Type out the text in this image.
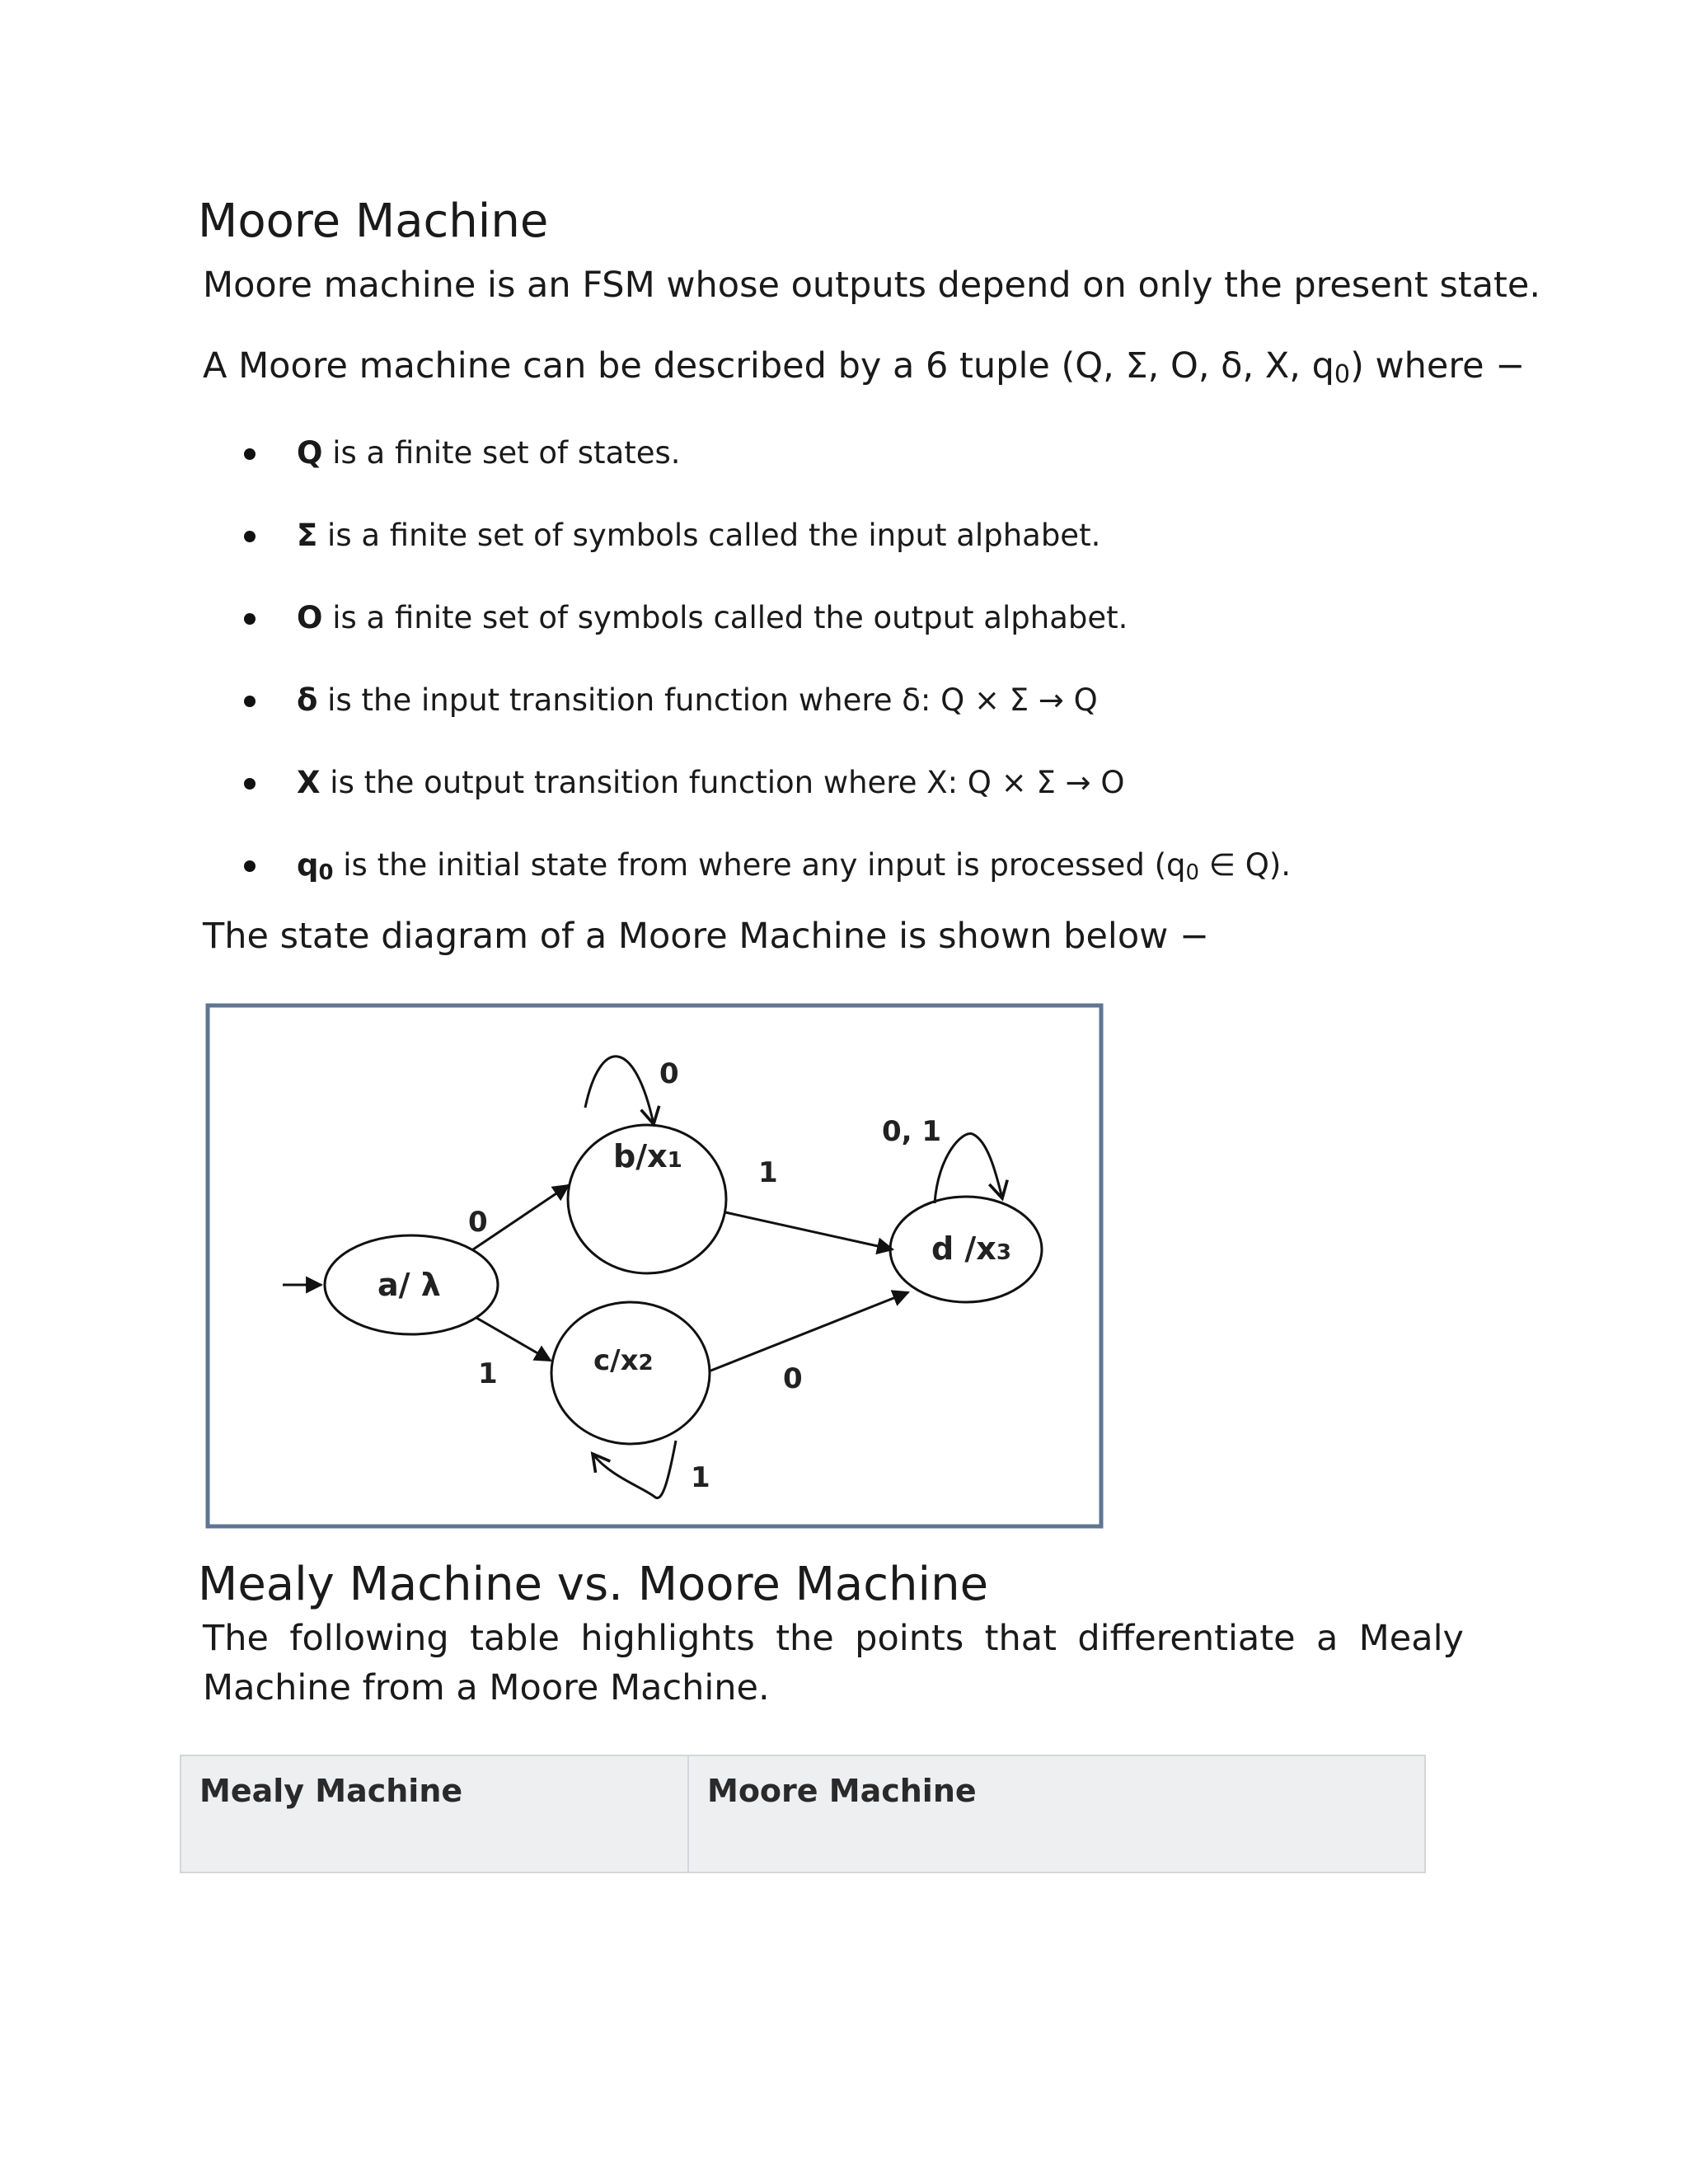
Moore Machine

Moore machine is an FSM whose outputs depend on only the present state.

A Moore machine can be described by a 6 tuple (Q, Σ, O, δ, X, $q_0$) where −

Q is a finite set of states.
Σ is a finite set of symbols called the input alphabet.
O is a finite set of symbols called the output alphabet.
δ is the input transition function where δ: Q × Σ → Q
X is the output transition function where X: Q × Σ → O
$q_0$ is the initial state from where any input is processed ($q_0$ ∈ Q).

The state diagram of a Moore Machine is shown below −

a/ λ
b/x1
c/x2
d /x3
0
1
0
1
0
1
0, 1
Mealy Machine vs. Moore Machine

The following table highlights the points that differentiate a Mealy Machine from a Moore Machine.

Mealy Machine	Moore Machine
